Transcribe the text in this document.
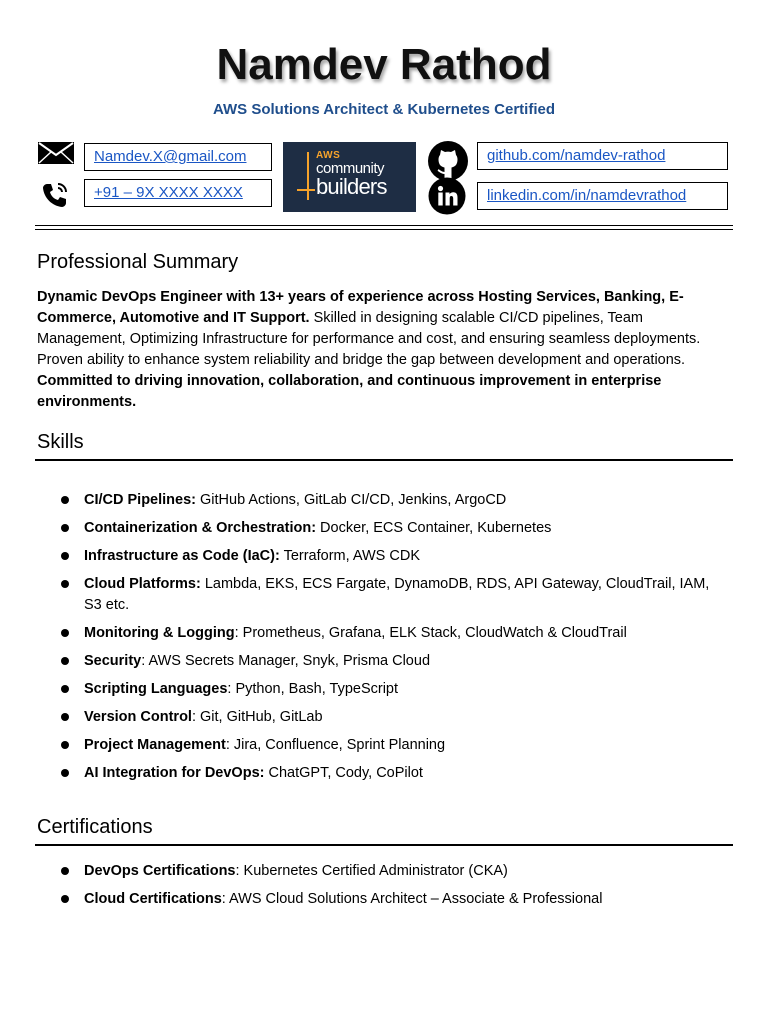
Namdev Rathod
AWS Solutions Architect & Kubernetes Certified
Namdev.X@gmail.com
+91 – 9X XXXX XXXX
AWS
community
builders
github.com/namdev-rathod
linkedin.com/in/namdevrathod
Professional Summary
Dynamic DevOps Engineer with 13+ years of experience across Hosting Services, Banking, E-Commerce, Automotive and IT Support. Skilled in designing scalable CI/CD pipelines, Team Management, Optimizing Infrastructure for performance and cost, and ensuring seamless deployments. Proven ability to enhance system reliability and bridge the gap between development and operations. Committed to driving innovation, collaboration, and continuous improvement in enterprise environments.
Skills
CI/CD Pipelines: GitHub Actions, GitLab CI/CD, Jenkins, ArgoCD
Containerization & Orchestration: Docker, ECS Container, Kubernetes
Infrastructure as Code (IaC): Terraform, AWS CDK
Cloud Platforms: Lambda, EKS, ECS Fargate, DynamoDB, RDS, API Gateway, CloudTrail, IAM, S3 etc.
Monitoring & Logging: Prometheus, Grafana, ELK Stack, CloudWatch & CloudTrail
Security: AWS Secrets Manager, Snyk, Prisma Cloud
Scripting Languages: Python, Bash, TypeScript
Version Control: Git, GitHub, GitLab
Project Management: Jira, Confluence, Sprint Planning
AI Integration for DevOps: ChatGPT, Cody, CoPilot
Certifications
DevOps Certifications: Kubernetes Certified Administrator (CKA)
Cloud Certifications: AWS Cloud Solutions Architect – Associate & Professional
